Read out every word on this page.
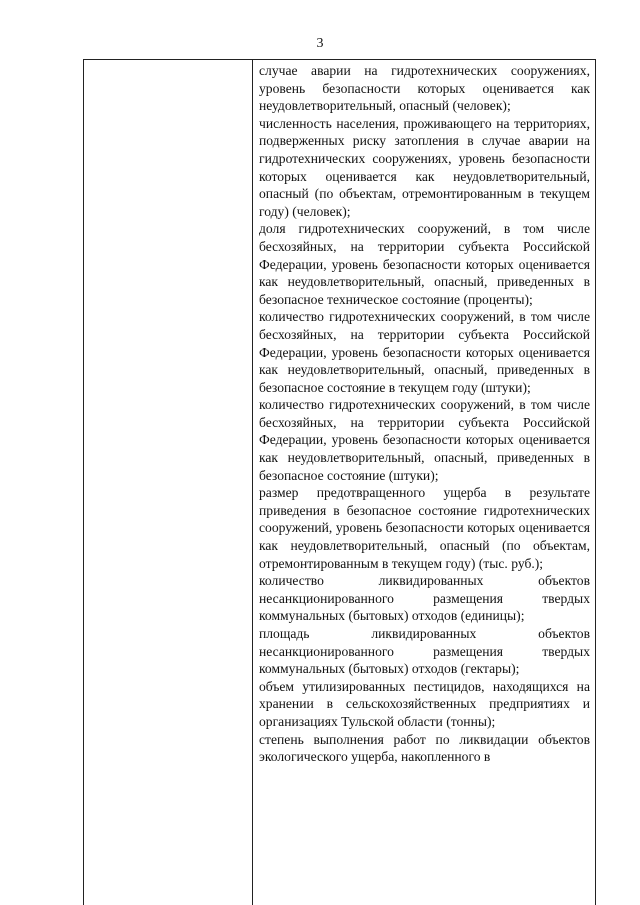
3

случае аварии на гидротехнических сооружениях, уровень безопасности которых оценивается как неудовлетворительный, опасный (человек);

численность населения, проживающего на территориях, подверженных риску затопления в случае аварии на гидротехнических сооружениях, уровень безопасности которых оценивается как неудовлетворительный, опасный (по объектам, отремонтированным в текущем году) (человек);

доля гидротехнических сооружений, в том числе бесхозяйных, на территории субъекта Российской Федерации, уровень безопасности которых оценивается как неудовлетворительный, опасный, приведенных в безопасное техническое состояние (проценты);

количество гидротехнических сооружений, в том числе бесхозяйных, на территории субъекта Российской Федерации, уровень безопасности которых оценивается как неудовлетворительный, опасный, приведенных в безопасное состояние в текущем году (штуки);

количество гидротехнических сооружений, в том числе бесхозяйных, на территории субъекта Российской Федерации, уровень безопасности которых оценивается как неудовлетворительный, опасный, приведенных в безопасное состояние (штуки);

размер предотвращенного ущерба в результате приведения в безопасное состояние гидротехнических сооружений, уровень безопасности которых оценивается как неудовлетворительный, опасный (по объектам, отремонтированным в текущем году) (тыс. руб.);

количество ликвидированных объектов несанкционированного размещения твердых коммунальных (бытовых) отходов (единицы);

площадь ликвидированных объектов несанкционированного размещения твердых коммунальных (бытовых) отходов (гектары);

объем утилизированных пестицидов, находящихся на хранении в сельскохозяйственных предприятиях и организациях Тульской области (тонны);

степень выполнения работ по ликвидации объектов экологического ущерба, накопленного в
